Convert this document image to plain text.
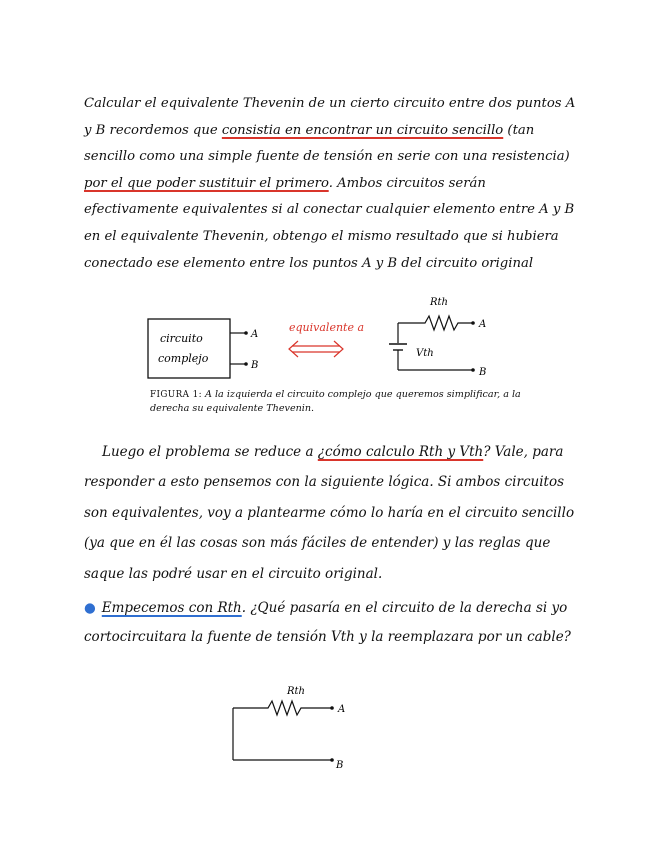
Calcular el equivalente Thevenin de un cierto circuito entre dos puntos A y B recordemos que consistia en encontrar un circuito sencillo (tan sencillo como una simple fuente de tensión en serie con una resistencia) por el que poder sustituir el primero. Ambos circuitos serán efectivamente equivalentes si al conectar cualquier elemento entre A y B en el equivalente Thevenin, obtengo el mismo resultado que si hubiera conectado ese elemento entre los puntos A y B del circuito original
circuito
complejo
A
B
equivalente a
Rth
A
Vth
B
Rth
A
B
FIGURA 1: A la izquierda el circuito complejo que queremos simplificar, a la derecha su equivalente Thevenin.
Luego el problema se reduce a ¿cómo calculo Rth y Vth? Vale, para responder a esto pensemos con la siguiente lógica. Si ambos circuitos son equivalentes, voy a plantearme cómo lo haría en el circuito sencillo (ya que en él las cosas son más fáciles de entender) y las reglas que saque las podré usar en el circuito original.
● Empecemos con Rth. ¿Qué pasaría en el circuito de la derecha si yo cortocircuitara la fuente de tensión Vth y la reemplazara por un cable?
